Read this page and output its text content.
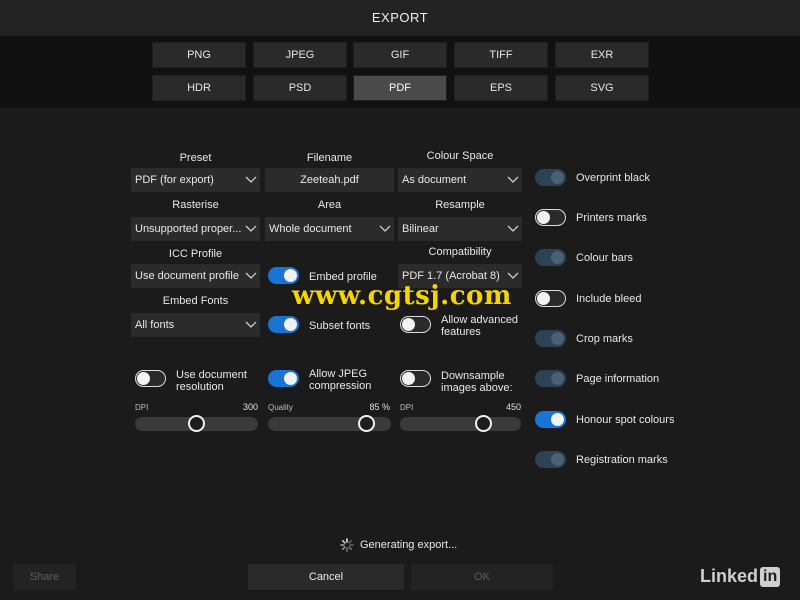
EXPORT
PNG	JPEG	GIF	TIFF	EXR
HDR	PSD	PDF	EPS	SVG
Preset
PDF (for export)
Rasterise
Unsupported proper...
ICC Profile
Use document profile
Embed Fonts
All fonts
Filename
Zeeteah.pdf
Area
Whole document
Embed profile
Subset fonts
Colour Space
As document
Resample
Bilinear
Compatibility
PDF 1.7 (Acrobat 8)
Allow advanced
features
Use document
resolution
Allow JPEG
compression
Downsample
images above:
DPI	300 Quality	85 % DPI	450
www.cgtsj.com
Generating export...
Share	Cancel	OK	Linked in
Overprint black
Printers marks
Colour bars
Include bleed
Crop marks
Page information
Honour spot colours
Registration marks
